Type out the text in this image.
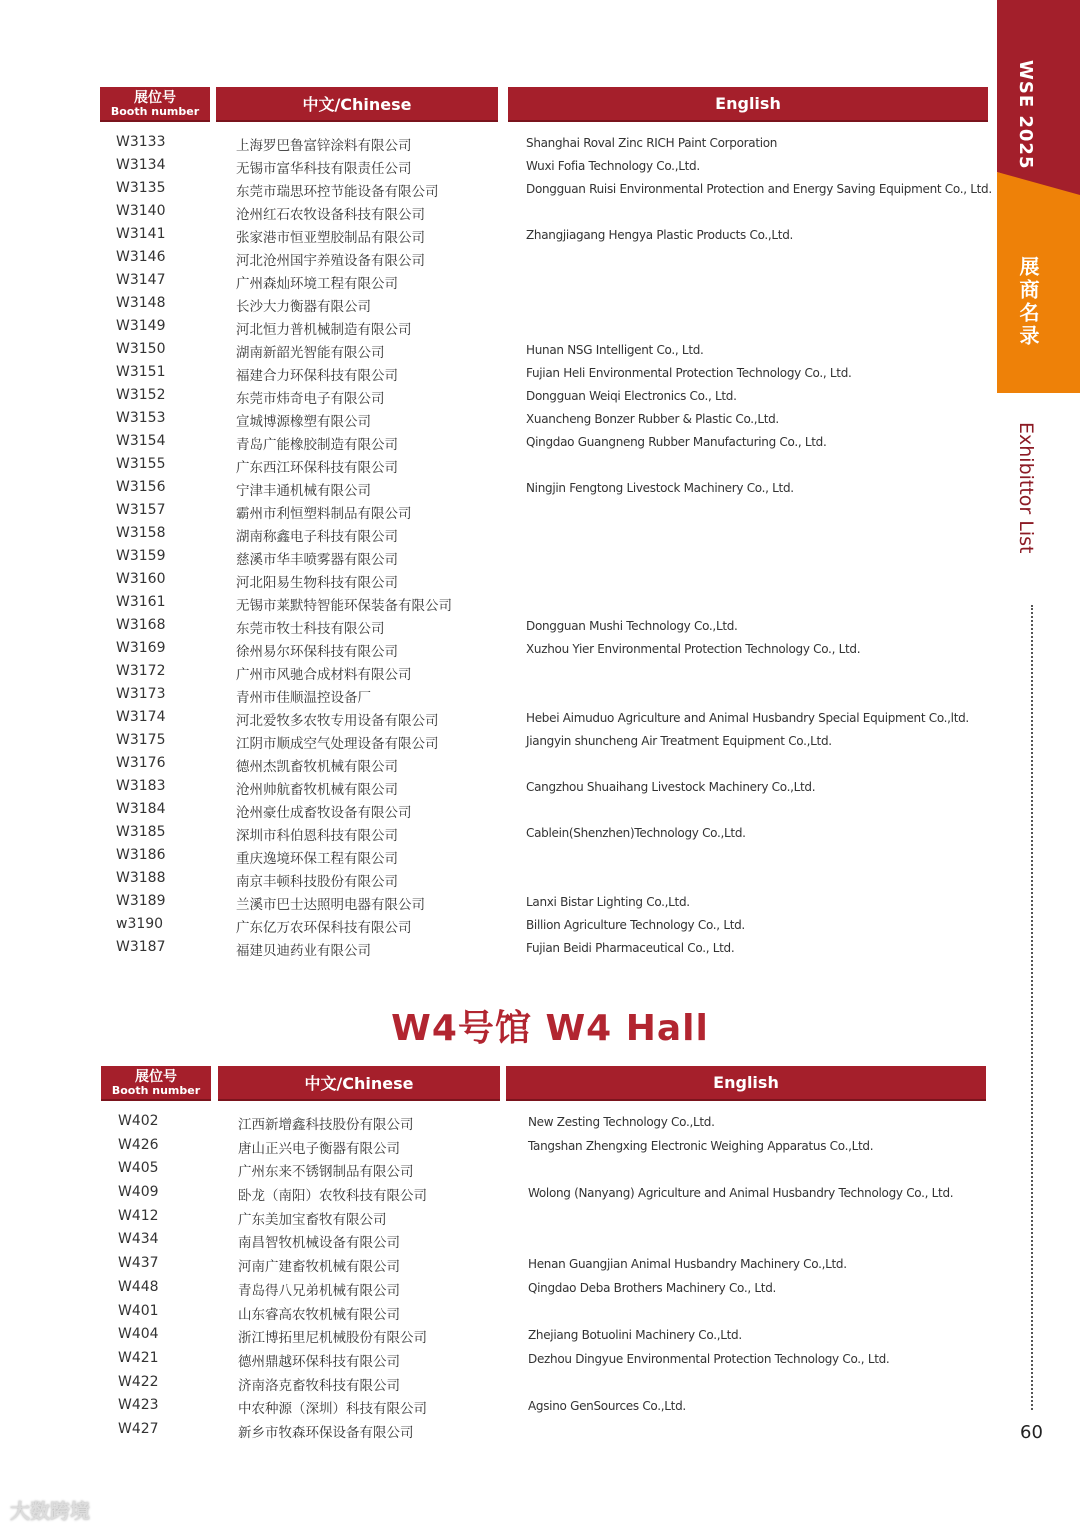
WSE 2025
展商名录
Exhibittor List
60
展位号
Booth number	中文/Chinese	English
W3133	上海罗巴鲁富锌涂料有限公司	Shanghai Roval Zinc RICH Paint Corporation
W3134	无锡市富华科技有限责任公司	Wuxi Fofia Technology Co.,Ltd.
W3135	东莞市瑞思环控节能设备有限公司	Dongguan Ruisi Environmental Protection and Energy Saving Equipment Co., Ltd.
W3140	沧州红石农牧设备科技有限公司
W3141	张家港市恒亚塑胶制品有限公司	Zhangjiagang Hengya Plastic Products Co.,Ltd.
W3146	河北沧州国宇养殖设备有限公司
W3147	广州森灿环境工程有限公司
W3148	长沙大力衡器有限公司
W3149	河北恒力普机械制造有限公司
W3150	湖南新韶光智能有限公司	Hunan NSG Intelligent Co., Ltd.
W3151	福建合力环保科技有限公司	Fujian Heli Environmental Protection Technology Co., Ltd.
W3152	东莞市炜奇电子有限公司	Dongguan Weiqi Electronics Co., Ltd.
W3153	宣城博源橡塑有限公司	Xuancheng Bonzer Rubber & Plastic Co.,Ltd.
W3154	青岛广能橡胶制造有限公司	Qingdao Guangneng Rubber Manufacturing Co., Ltd.
W3155	广东西江环保科技有限公司
W3156	宁津丰通机械有限公司	Ningjin Fengtong Livestock Machinery Co., Ltd.
W3157	霸州市利恒塑料制品有限公司
W3158	湖南称鑫电子科技有限公司
W3159	慈溪市华丰喷雾器有限公司
W3160	河北阳易生物科技有限公司
W3161	无锡市莱默特智能环保装备有限公司
W3168	东莞市牧士科技有限公司	Dongguan Mushi Technology Co.,Ltd.
W3169	徐州易尔环保科技有限公司	Xuzhou Yier Environmental Protection Technology Co., Ltd.
W3172	广州市风驰合成材料有限公司
W3173	青州市佳顺温控设备厂
W3174	河北爱牧多农牧专用设备有限公司	Hebei Aimuduo Agriculture and Animal Husbandry Special Equipment Co.,ltd.
W3175	江阴市顺成空气处理设备有限公司	Jiangyin shuncheng Air Treatment Equipment Co.,Ltd.
W3176	德州杰凯畜牧机械有限公司
W3183	沧州帅航畜牧机械有限公司	Cangzhou Shuaihang Livestock Machinery Co.,Ltd.
W3184	沧州豪仕成畜牧设备有限公司
W3185	深圳市科伯恩科技有限公司	Cablein(Shenzhen)Technology Co.,Ltd.
W3186	重庆逸境环保工程有限公司
W3188	南京丰顿科技股份有限公司
W3189	兰溪市巴士达照明电器有限公司	Lanxi Bistar Lighting Co.,Ltd.
w3190	广东亿万农环保科技有限公司	Billion Agriculture Technology Co., Ltd.
W3187	福建贝迪药业有限公司	Fujian Beidi Pharmaceutical Co., Ltd.
W4号馆 W4 Hall
展位号
Booth number	中文/Chinese	English
W402	江西新增鑫科技股份有限公司	New Zesting Technology Co.,Ltd.
W426	唐山正兴电子衡器有限公司	Tangshan Zhengxing Electronic Weighing Apparatus Co.,Ltd.
W405	广州东来不锈钢制品有限公司
W409	卧龙（南阳）农牧科技有限公司	Wolong (Nanyang) Agriculture and Animal Husbandry Technology Co., Ltd.
W412	广东美加宝畜牧有限公司
W434	南昌智牧机械设备有限公司
W437	河南广建畜牧机械有限公司	Henan Guangjian Animal Husbandry Machinery Co.,Ltd.
W448	青岛得八兄弟机械有限公司	Qingdao Deba Brothers Machinery Co., Ltd.
W401	山东睿高农牧机械有限公司
W404	浙江博拓里尼机械股份有限公司	Zhejiang Botuolini Machinery Co.,Ltd.
W421	德州鼎越环保科技有限公司	Dezhou Dingyue Environmental Protection Technology Co., Ltd.
W422	济南洛克畜牧科技有限公司
W423	中农种源（深圳）科技有限公司	Agsino GenSources Co.,Ltd.
W427	新乡市牧森环保设备有限公司
大数跨境
